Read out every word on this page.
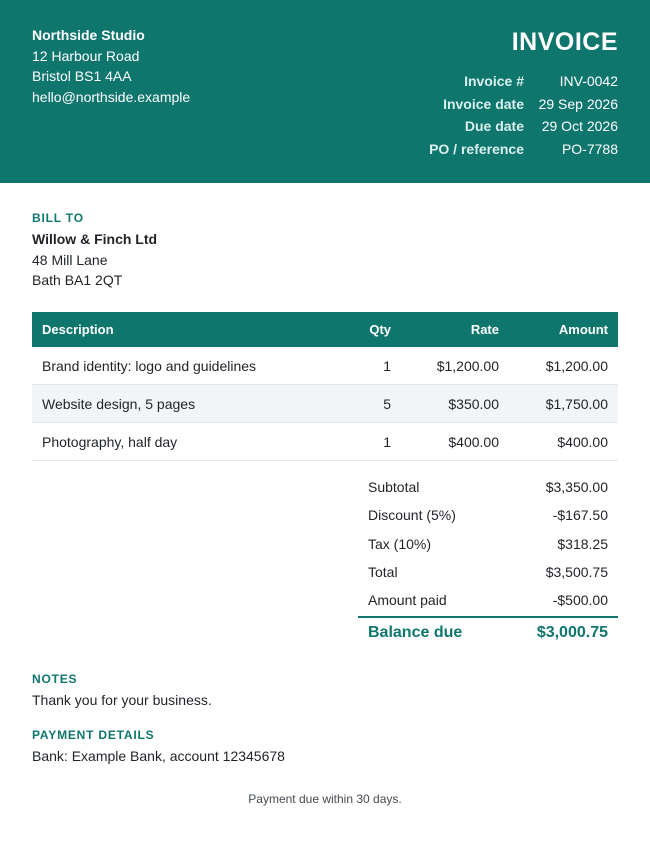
Northside Studio
12 Harbour Road
Bristol BS1 4AA
hello@northside.example
INVOICE
Invoice #	INV-0042
Invoice date	29 Sep 2026
Due date	29 Oct 2026
PO / reference	PO-7788
BILL TO
Willow & Finch Ltd
48 Mill Lane
Bath BA1 2QT
Description	Qty	Rate	Amount
Brand identity: logo and guidelines	1	$1,200.00	$1,200.00
Website design, 5 pages	5	$350.00	$1,750.00
Photography, half day	1	$400.00	$400.00
Subtotal	$3,350.00
Discount (5%)	-$167.50
Tax (10%)	$318.25
Total	$3,500.75
Amount paid	-$500.00
Balance due	$3,000.75
NOTES
Thank you for your business.
PAYMENT DETAILS
Bank: Example Bank, account 12345678
Payment due within 30 days.
